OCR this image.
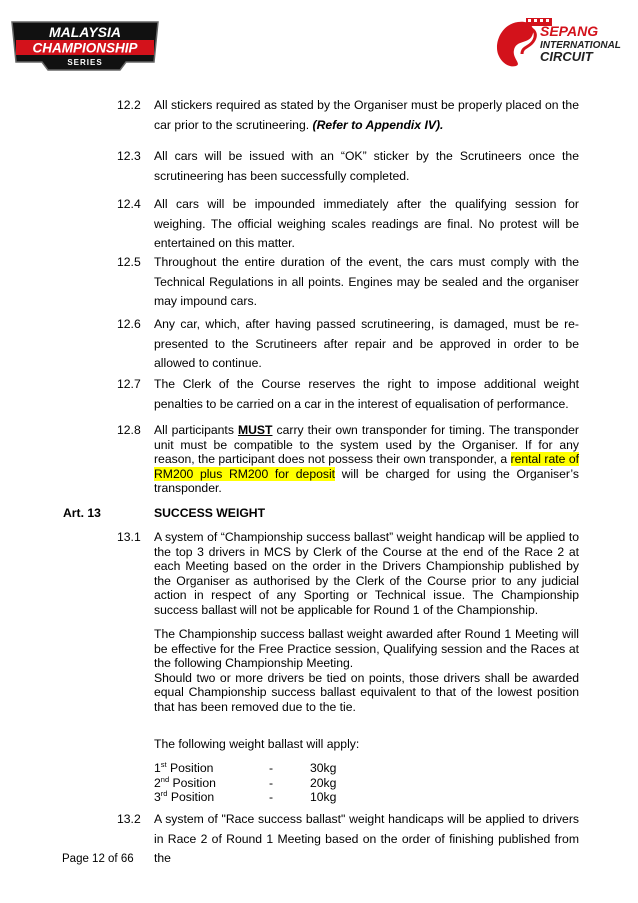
MALAYSIA
CHAMPIONSHIP
SERIES
SEPANG
INTERNATIONAL
CIRCUIT
12.2 All stickers required as stated by the Organiser must be properly placed on the car prior to the scrutineering. (Refer to Appendix IV).
12.3 All cars will be issued with an “OK” sticker by the Scrutineers once the scrutineering has been successfully completed.
12.4 All cars will be impounded immediately after the qualifying session for weighing. The official weighing scales readings are final. No protest will be entertained on this matter.
12.5 Throughout the entire duration of the event, the cars must comply with the Technical Regulations in all points. Engines may be sealed and the organiser may impound cars.
12.6 Any car, which, after having passed scrutineering, is damaged, must be re-presented to the Scrutineers after repair and be approved in order to be allowed to continue.
12.7 The Clerk of the Course reserves the right to impose additional weight penalties to be carried on a car in the interest of equalisation of performance.
12.8 All participants MUST carry their own transponder for timing. The transponder unit must be compatible to the system used by the Organiser. If for any reason, the participant does not possess their own transponder, a rental rate of RM200 plus RM200 for deposit will be charged for using the Organiser’s transponder.
Art. 13	SUCCESS WEIGHT
13.1 A system of “Championship success ballast” weight handicap will be applied to the top 3 drivers in MCS by Clerk of the Course at the end of the Race 2 at each Meeting based on the order in the Drivers Championship published by the Organiser as authorised by the Clerk of the Course prior to any judicial action in respect of any Sporting or Technical issue. The Championship success ballast will not be applicable for Round 1 of the Championship.
The Championship success ballast weight awarded after Round 1 Meeting will be effective for the Free Practice session, Qualifying session and the Races at the following Championship Meeting.
Should two or more drivers be tied on points, those drivers shall be awarded equal Championship success ballast equivalent to that of the lowest position that has been removed due to the tie.
The following weight ballast will apply:
1st Position	-	30kg
2nd Position	-	20kg
3rd Position	-	10kg
13.2 A system of "Race success ballast" weight handicaps will be applied to drivers in Race 2 of Round 1 Meeting based on the order of finishing published from the
Page 12 of 66
